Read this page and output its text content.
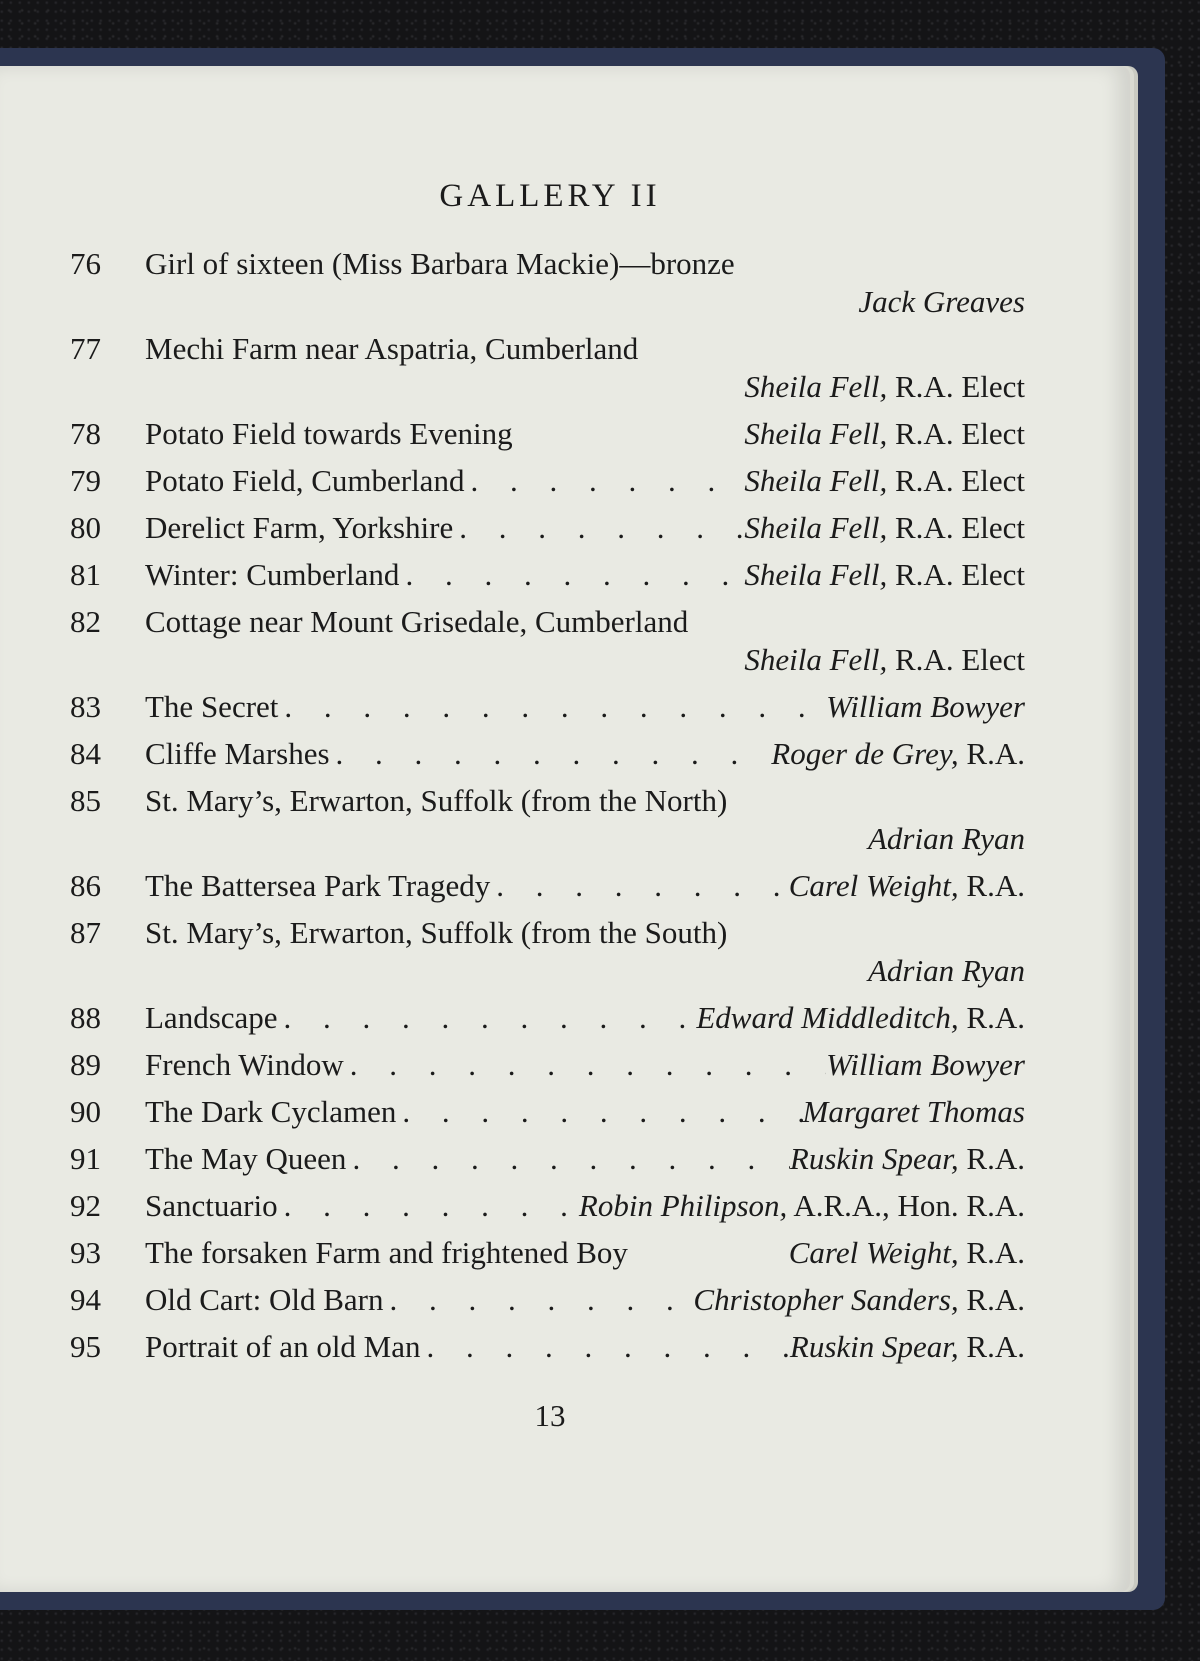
GALLERY II
76	Girl of sixteen (Miss Barbara Mackie)—bronze
Jack Greaves
77	Mechi Farm near Aspatria, Cumberland
Sheila Fell, R.A. Elect
78	Potato Field towards Evening	Sheila Fell, R.A. Elect
79	Potato Field, Cumberland . . .	Sheila Fell, R.A. Elect
80	Derelict Farm, Yorkshire . . .	Sheila Fell, R.A. Elect
81	Winter: Cumberland . . .	Sheila Fell, R.A. Elect
82	Cottage near Mount Grisedale, Cumberland
Sheila Fell, R.A. Elect
83	The Secret . . .	William Bowyer
84	Cliffe Marshes . . .	Roger de Grey, R.A.
85	St. Mary’s, Erwarton, Suffolk (from the North)
Adrian Ryan
86	The Battersea Park Tragedy . . .	Carel Weight, R.A.
87	St. Mary’s, Erwarton, Suffolk (from the South)
Adrian Ryan
88	Landscape . . .	Edward Middleditch, R.A.
89	French Window . . .	William Bowyer
90	The Dark Cyclamen . . .	Margaret Thomas
91	The May Queen . . .	Ruskin Spear, R.A.
92	Sanctuario . . .	Robin Philipson, A.R.A., Hon. R.A.
93	The forsaken Farm and frightened Boy	Carel Weight, R.A.
94	Old Cart: Old Barn . . .	Christopher Sanders, R.A.
95	Portrait of an old Man . . .	Ruskin Spear, R.A.
13
